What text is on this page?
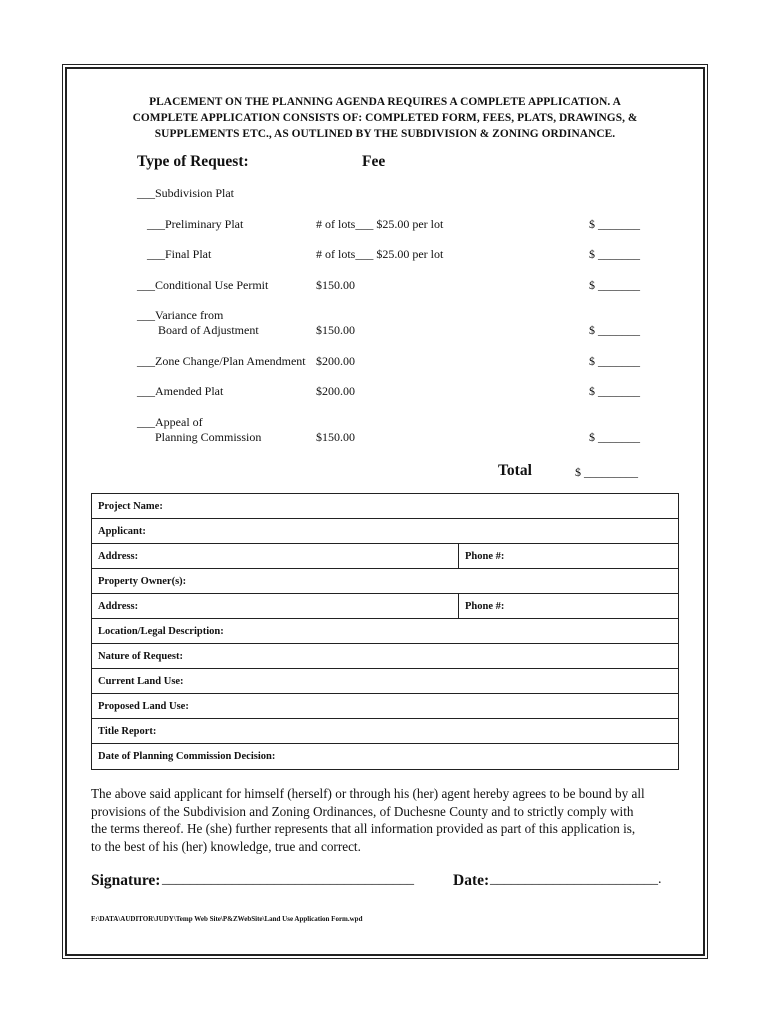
PLACEMENT ON THE PLANNING AGENDA REQUIRES A COMPLETE APPLICATION. A
COMPLETE APPLICATION CONSISTS OF: COMPLETED FORM, FEES, PLATS, DRAWINGS, &
SUPPLEMENTS ETC., AS OUTLINED BY THE SUBDIVISION & ZONING ORDINANCE.
Type of Request:	Fee
___Subdivision Plat
___Preliminary Plat	# of lots___ $25.00 per lot	$ _______
___Final Plat	# of lots___ $25.00 per lot	$ _______
___Conditional Use Permit	$150.00	$ _______
___Variance from
Board of Adjustment	$150.00	$ _______
___Zone Change/Plan Amendment $200.00	$ _______
___Amended Plat	$200.00	$ _______
___Appeal of
Planning Commission	$150.00	$ _______
Total	$ _________
Project Name:
Applicant:
Address:	Phone #:
Property Owner(s):
Address:	Phone #:
Location/Legal Description:
Nature of Request:
Current Land Use:
Proposed Land Use:
Title Report:
Date of Planning Commission Decision:
The above said applicant for himself (herself) or through his (her) agent hereby agrees to be bound by all
provisions of the Subdivision and Zoning Ordinances, of Duchesne County and to strictly comply with
the terms thereof. He (she) further represents that all information provided as part of this application is,
to the best of his (her) knowledge, true and correct.
Signature: ____________________________________	Date: ________________________.
F:\DATA\AUDITOR\JUDY\Temp Web Site\P&ZWebSite\Land Use Application Form.wpd
